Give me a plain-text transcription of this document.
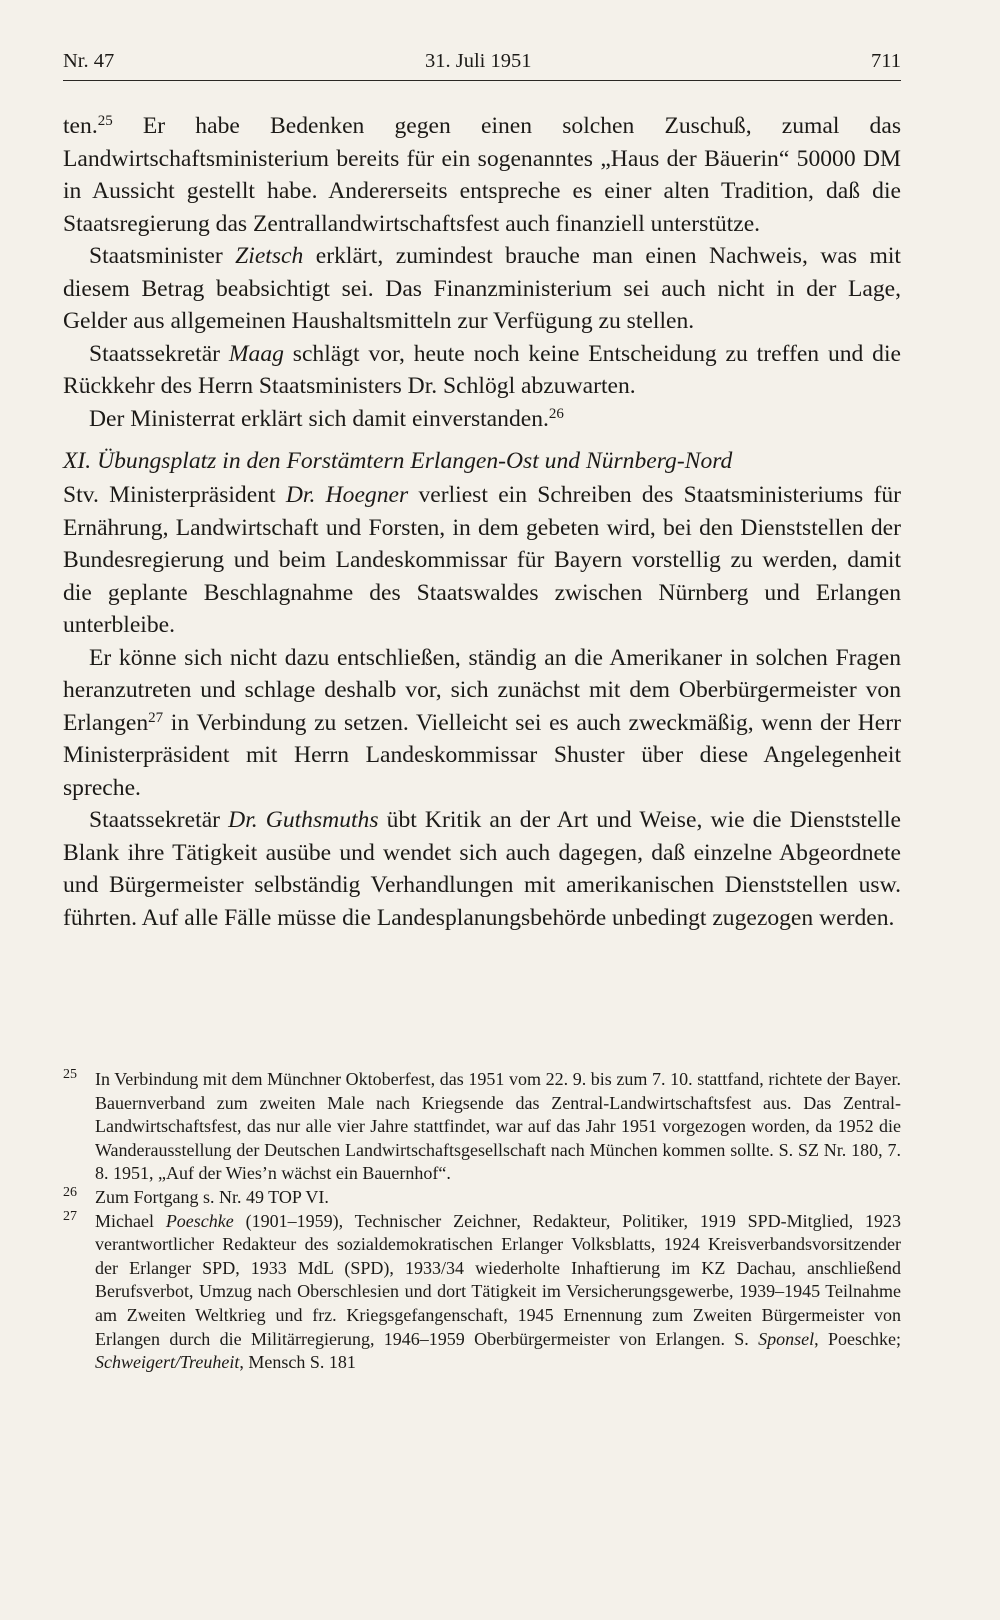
Nr. 47	31. Juli 1951	711

ten.$^{25}$ Er habe Bedenken gegen einen solchen Zuschuß, zumal das Landwirtschaftsministerium bereits für ein sogenanntes „Haus der Bäuerin“ 50000 DM in Aussicht gestellt habe. Andererseits entspreche es einer alten Tradition, daß die Staatsregierung das Zentrallandwirtschaftsfest auch finanziell unterstütze.

Staatsminister Zietsch erklärt, zumindest brauche man einen Nachweis, was mit diesem Betrag beabsichtigt sei. Das Finanzministerium sei auch nicht in der Lage, Gelder aus allgemeinen Haushaltsmitteln zur Verfügung zu stellen.

Staatssekretär Maag schlägt vor, heute noch keine Entscheidung zu treffen und die Rückkehr des Herrn Staatsministers Dr. Schlögl abzuwarten.

Der Ministerrat erklärt sich damit einverstanden.$^{26}$

XI. Übungsplatz in den Forstämtern Erlangen-Ost und Nürnberg-Nord

Stv. Ministerpräsident Dr. Hoegner verliest ein Schreiben des Staatsministeriums für Ernährung, Landwirtschaft und Forsten, in dem gebeten wird, bei den Dienststellen der Bundesregierung und beim Landeskommissar für Bayern vorstellig zu werden, damit die geplante Beschlagnahme des Staatswaldes zwischen Nürnberg und Erlangen unterbleibe.

Er könne sich nicht dazu entschließen, ständig an die Amerikaner in solchen Fragen heranzutreten und schlage deshalb vor, sich zunächst mit dem Oberbürgermeister von Erlangen$^{27}$ in Verbindung zu setzen. Vielleicht sei es auch zweckmäßig, wenn der Herr Ministerpräsident mit Herrn Landeskommissar Shuster über diese Angelegenheit spreche.

Staatssekretär Dr. Guthsmuths übt Kritik an der Art und Weise, wie die Dienststelle Blank ihre Tätigkeit ausübe und wendet sich auch dagegen, daß einzelne Abgeordnete und Bürgermeister selbständig Verhandlungen mit amerikanischen Dienststellen usw. führten. Auf alle Fälle müsse die Landesplanungsbehörde unbedingt zugezogen werden.

25 In Verbindung mit dem Münchner Oktoberfest, das 1951 vom 22. 9. bis zum 7. 10. stattfand, richtete der Bayer. Bauernverband zum zweiten Male nach Kriegsende das Zentral-Landwirtschaftsfest aus. Das Zentral-Landwirtschaftsfest, das nur alle vier Jahre stattfindet, war auf das Jahr 1951 vorgezogen worden, da 1952 die Wanderausstellung der Deutschen Landwirtschaftsgesellschaft nach München kommen sollte. S. SZ Nr. 180, 7. 8. 1951, „Auf der Wies’n wächst ein Bauernhof“.
26 Zum Fortgang s. Nr. 49 TOP VI.
27 Michael Poeschke (1901–1959), Technischer Zeichner, Redakteur, Politiker, 1919 SPD-Mitglied, 1923 verantwortlicher Redakteur des sozialdemokratischen Erlanger Volksblatts, 1924 Kreisverbandsvorsitzender der Erlanger SPD, 1933 MdL (SPD), 1933/34 wiederholte Inhaftierung im KZ Dachau, anschließend Berufsverbot, Umzug nach Oberschlesien und dort Tätigkeit im Versicherungsgewerbe, 1939–1945 Teilnahme am Zweiten Weltkrieg und frz. Kriegsgefangenschaft, 1945 Ernennung zum Zweiten Bürgermeister von Erlangen durch die Militärregierung, 1946–1959 Oberbürgermeister von Erlangen. S. Sponsel, Poeschke; Schweigert/Treuheit, Mensch S. 181
